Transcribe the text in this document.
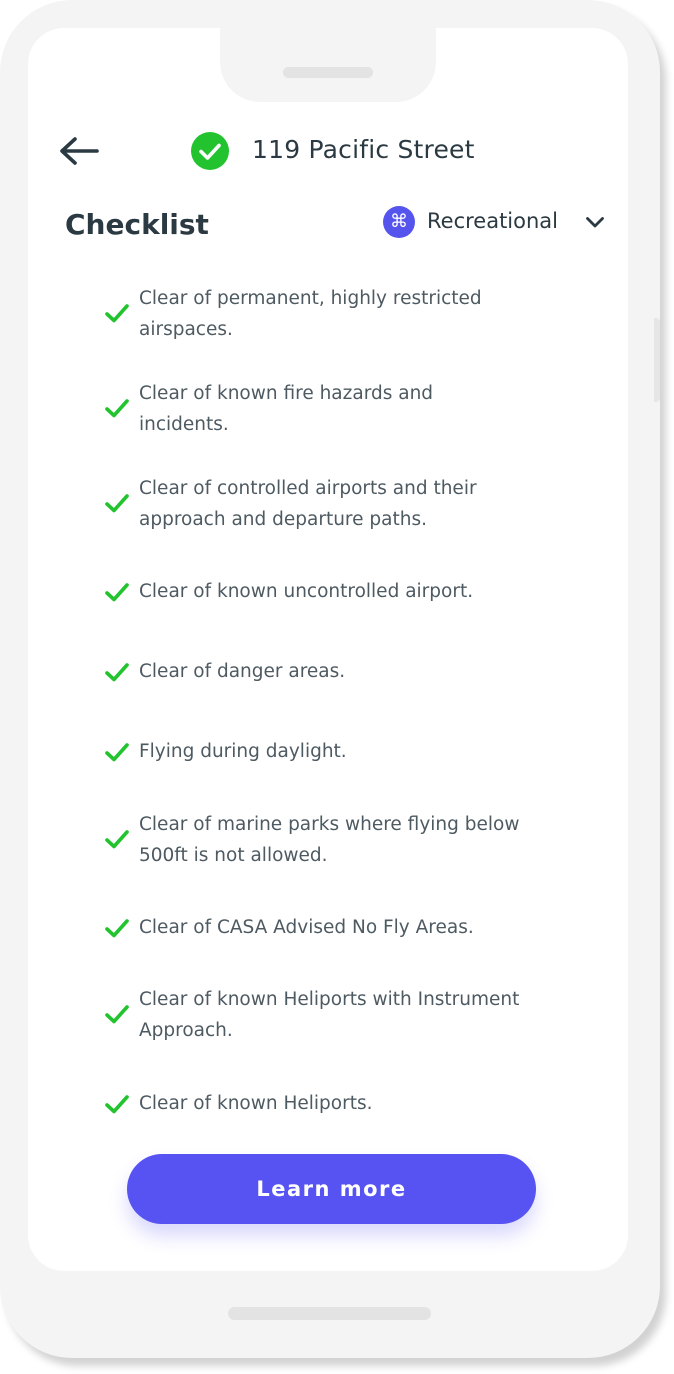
119 Pacific Street
Checklist	⌘ Recreational
Clear of permanent, highly restricted
airspaces.
Clear of known fire hazards and
incidents.
Clear of controlled airports and their
approach and departure paths.
Clear of known uncontrolled airport.
Clear of danger areas.
Flying during daylight.
Clear of marine parks where flying below
500ft is not allowed.
Clear of CASA Advised No Fly Areas.
Clear of known Heliports with Instrument
Approach.
Clear of known Heliports.
Learn more
